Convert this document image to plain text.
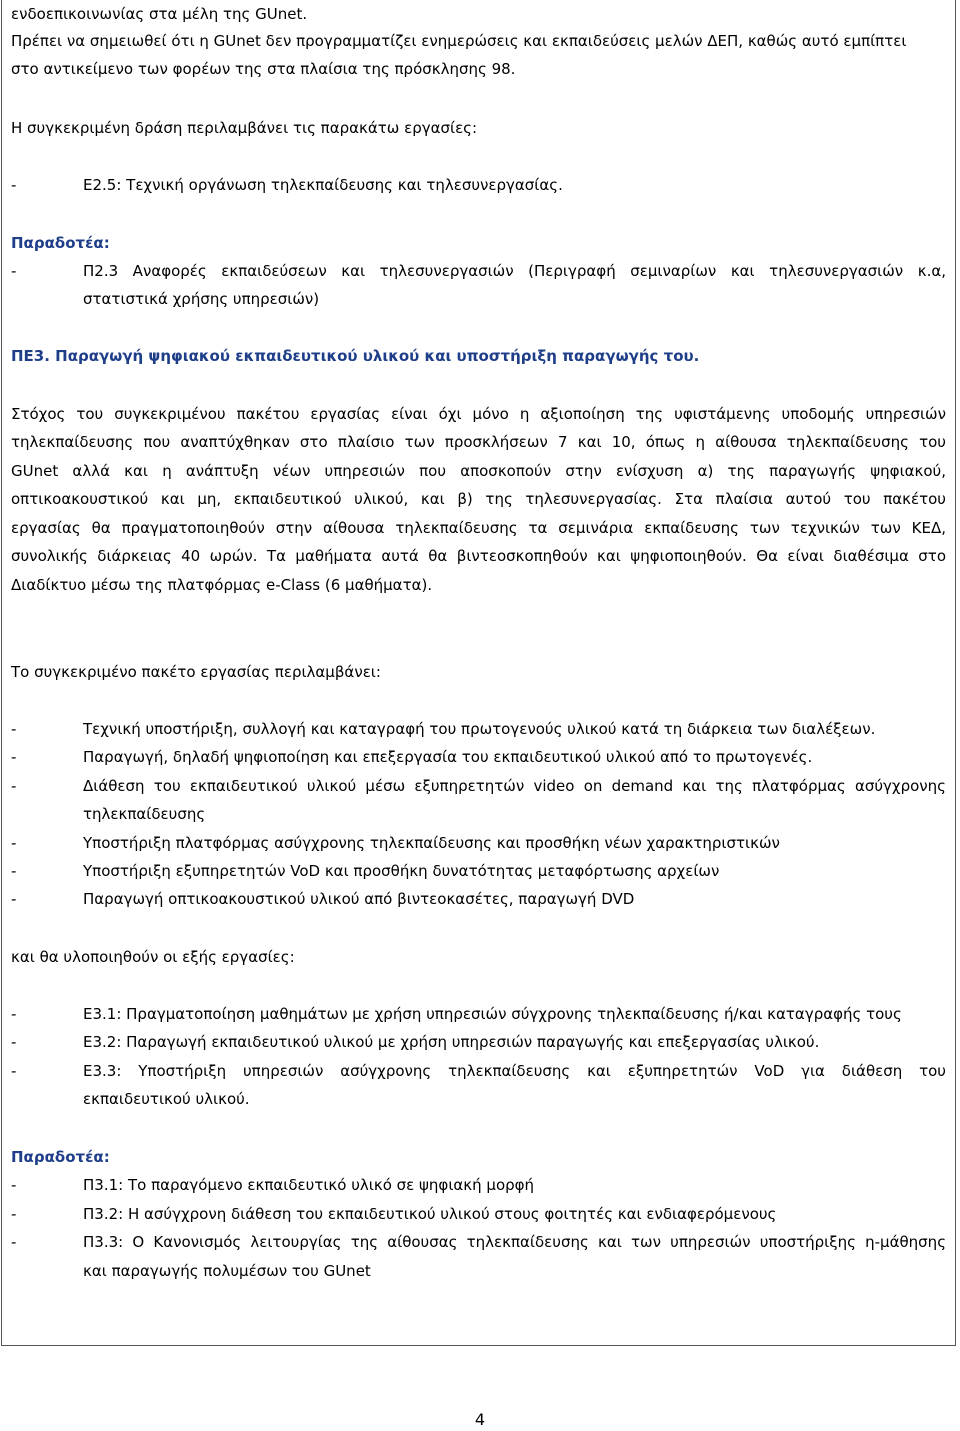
ενδοεπικοινωνίας στα μέλη της GUnet.
Πρέπει να σημειωθεί ότι η GUnet δεν προγραμματίζει ενημερώσεις και εκπαιδεύσεις μελών ΔΕΠ, καθώς αυτό εμπίπτει
στο αντικείμενο των φορέων της στα πλαίσια της πρόσκλησης 98.
Η συγκεκριμένη δράση περιλαμβάνει τις παρακάτω εργασίες:
-	Ε2.5: Τεχνική οργάνωση τηλεκπαίδευσης και τηλεσυνεργασίας.
Παραδοτέα:
-	Π2.3 Αναφορές εκπαιδεύσεων και τηλεσυνεργασιών (Περιγραφή σεμιναρίων και τηλεσυνεργασιών κ.α,
στατιστικά χρήσης υπηρεσιών)
ΠΕ3. Παραγωγή ψηφιακού εκπαιδευτικού υλικού και υποστήριξη παραγωγής του.
Στόχος του συγκεκριμένου πακέτου εργασίας είναι όχι μόνο η αξιοποίηση της υφιστάμενης υποδομής υπηρεσιών
τηλεκπαίδευσης που αναπτύχθηκαν στο πλαίσιο των προσκλήσεων 7 και 10, όπως η αίθουσα τηλεκπαίδευσης του
GUnet αλλά και η ανάπτυξη νέων υπηρεσιών που αποσκοπούν στην ενίσχυση α) της παραγωγής ψηφιακού,
οπτικοακουστικού και μη, εκπαιδευτικού υλικού, και β) της τηλεσυνεργασίας. Στα πλαίσια αυτού του πακέτου
εργασίας θα πραγματοποιηθούν στην αίθουσα τηλεκπαίδευσης τα σεμινάρια εκπαίδευσης των τεχνικών των ΚΕΔ,
συνολικής διάρκειας 40 ωρών. Τα μαθήματα αυτά θα βιντεοσκοπηθούν και ψηφιοποιηθούν. Θα είναι διαθέσιμα στο
Διαδίκτυο μέσω της πλατφόρμας e-Class (6 μαθήματα).
Το συγκεκριμένο πακέτο εργασίας περιλαμβάνει:
-	Τεχνική υποστήριξη, συλλογή και καταγραφή του πρωτογενούς υλικού κατά τη διάρκεια των διαλέξεων.
-	Παραγωγή, δηλαδή ψηφιοποίηση και επεξεργασία του εκπαιδευτικού υλικού από το πρωτογενές.
-	Διάθεση του εκπαιδευτικού υλικού μέσω εξυπηρετητών video on demand και της πλατφόρμας ασύγχρονης
τηλεκπαίδευσης
-	Υποστήριξη πλατφόρμας ασύγχρονης τηλεκπαίδευσης και προσθήκη νέων χαρακτηριστικών
-	Υποστήριξη εξυπηρετητών VoD και προσθήκη δυνατότητας μεταφόρτωσης αρχείων
-	Παραγωγή οπτικοακουστικού υλικού από βιντεοκασέτες, παραγωγή DVD
και θα υλοποιηθούν οι εξής εργασίες:
-	Ε3.1: Πραγματοποίηση μαθημάτων με χρήση υπηρεσιών σύγχρονης τηλεκπαίδευσης ή/και καταγραφής τους
-	Ε3.2: Παραγωγή εκπαιδευτικού υλικού με χρήση υπηρεσιών παραγωγής και επεξεργασίας υλικού.
-	Ε3.3: Υποστήριξη υπηρεσιών ασύγχρονης τηλεκπαίδευσης και εξυπηρετητών VoD για διάθεση του
εκπαιδευτικού υλικού.
Παραδοτέα:
-	Π3.1: Το παραγόμενο εκπαιδευτικό υλικό σε ψηφιακή μορφή
-	Π3.2: Η ασύγχρονη διάθεση του εκπαιδευτικού υλικού στους φοιτητές και ενδιαφερόμενους
-	Π3.3: Ο Κανονισμός λειτουργίας της αίθουσας τηλεκπαίδευσης και των υπηρεσιών υποστήριξης η-μάθησης
και παραγωγής πολυμέσων του GUnet
4
